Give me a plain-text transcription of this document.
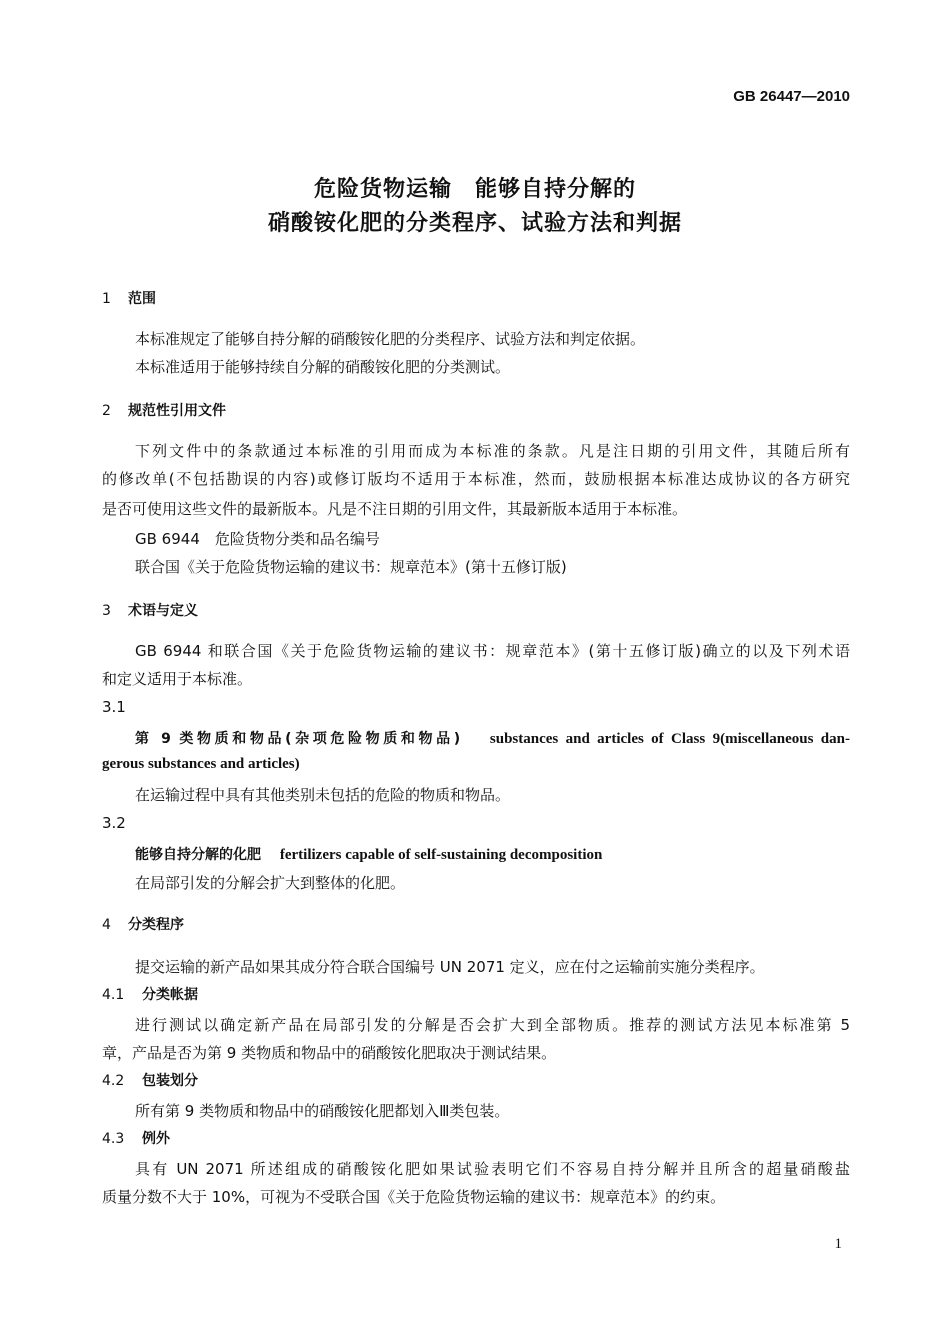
GB 26447—2010
危险货物运输　能够自持分解的
硝酸铵化肥的分类程序、试验方法和判据
1 范围
本标准规定了能够自持分解的硝酸铵化肥的分类程序、试验方法和判定依据。
本标准适用于能够持续自分解的硝酸铵化肥的分类测试。
2 规范性引用文件
下列文件中的条款通过本标准的引用而成为本标准的条款。凡是注日期的引用文件，其随后所有
的修改单(不包括勘误的内容)或修订版均不适用于本标准，然而，鼓励根据本标准达成协议的各方研究
是否可使用这些文件的最新版本。凡是不注日期的引用文件，其最新版本适用于本标准。
GB 6944　危险货物分类和品名编号
联合国《关于危险货物运输的建议书：规章范本》(第十五修订版)
3 术语与定义
GB 6944 和联合国《关于危险货物运输的建议书：规章范本》(第十五修订版)确立的以及下列术语
和定义适用于本标准。
3.1
第 9 类物质和物品(杂项危险物质和物品)　 substances and articles of Class 9(miscellaneous dan-
gerous substances and articles)
在运输过程中具有其他类别未包括的危险的物质和物品。
3.2
能够自持分解的化肥　 fertilizers capable of self-sustaining decomposition
在局部引发的分解会扩大到整体的化肥。
4 分类程序
提交运输的新产品如果其成分符合联合国编号 UN 2071 定义，应在付之运输前实施分类程序。
4.1 分类帐据
进行测试以确定新产品在局部引发的分解是否会扩大到全部物质。推荐的测试方法见本标准第 5
章，产品是否为第 9 类物质和物品中的硝酸铵化肥取决于测试结果。
4.2 包装划分
所有第 9 类物质和物品中的硝酸铵化肥都划入Ⅲ类包装。
4.3 例外
具有 UN 2071 所述组成的硝酸铵化肥如果试验表明它们不容易自持分解并且所含的超量硝酸盐
质量分数不大于 10%，可视为不受联合国《关于危险货物运输的建议书：规章范本》的约束。
1
